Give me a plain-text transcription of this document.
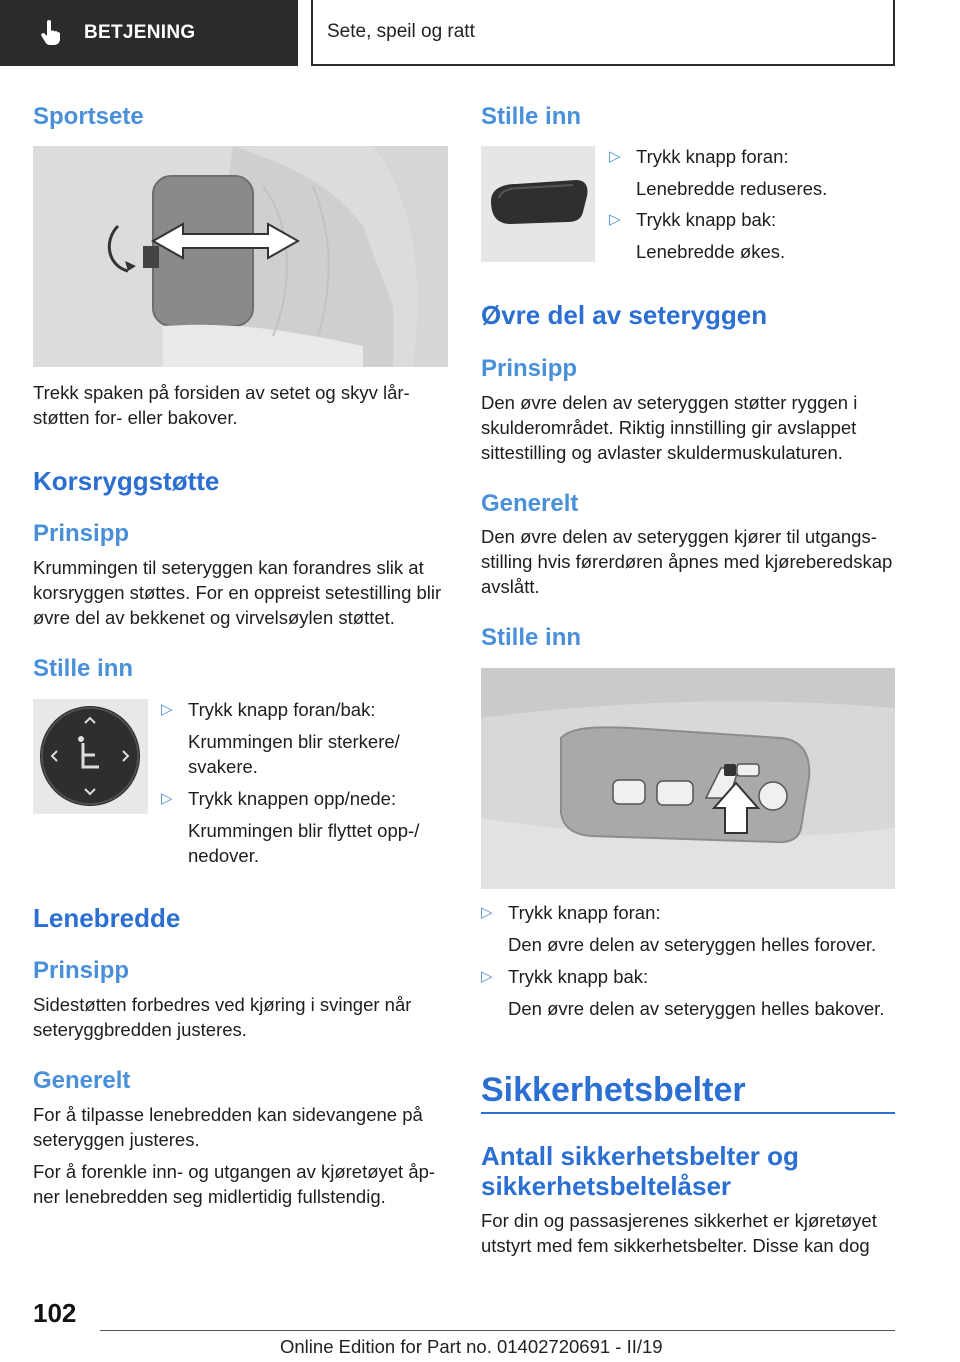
BETJENING	Sete, speil og ratt
Sportsete
Trekk spaken på forsiden av setet og skyv lårstøtten for- eller bakover.
Korsryggstøtte
Prinsipp
Krummingen til seteryggen kan forandres slik at korsryggen støttes. For en oppreist setestilling blir øvre del av bekkenet og virvelsøylen støttet.
Stille inn
▷ Trykk knapp foran/bak:
Krummingen blir sterkere/ svakere.
▷ Trykk knappen opp/nede:
Krummingen blir flyttet opp-/ nedover.
Lenebredde
Prinsipp
Sidestøtten forbedres ved kjøring i svinger når seteryggbredden justeres.
Generelt
For å tilpasse lenebredden kan sidevangene på seteryggen justeres.
For å forenkle inn- og utgangen av kjøretøyet åpner lenebredden seg midlertidig fullstendig.
Stille inn
▷ Trykk knapp foran:
Lenebredde reduseres.
▷ Trykk knapp bak:
Lenebredde økes.
Øvre del av seteryggen
Prinsipp
Den øvre delen av seteryggen støtter ryggen i skulderområdet. Riktig innstilling gir avslappet sittestilling og avlaster skuldermuskulaturen.
Generelt
Den øvre delen av seteryggen kjører til utgangsstilling hvis førerdøren åpnes med kjøreberedskap avslått.
Stille inn
▷ Trykk knapp foran:
Den øvre delen av seteryggen helles forover.
▷ Trykk knapp bak:
Den øvre delen av seteryggen helles bakover.
Sikkerhetsbelter
Antall sikkerhetsbelter og
sikkerhetsbeltelåser
For din og passasjerenes sikkerhet er kjøretøyet utstyrt med fem sikkerhetsbelter. Disse kan dog
102
Online Edition for Part no. 01402720691 - II/19
